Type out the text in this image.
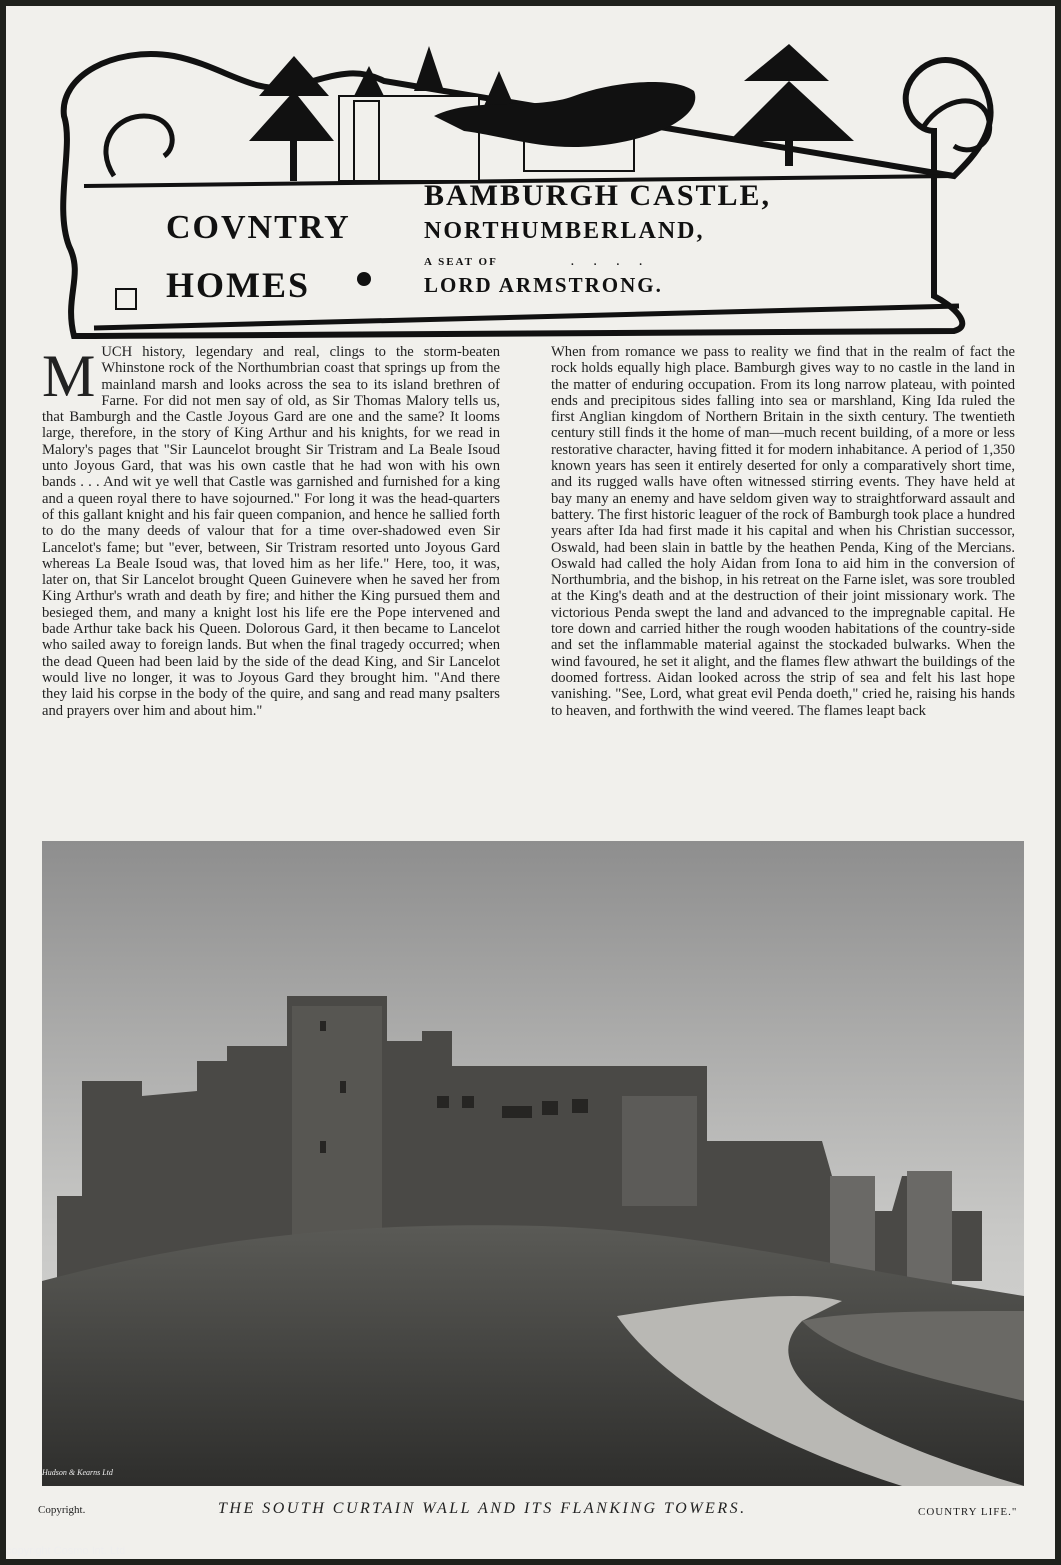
COVNTRY
HOMES
BAMBURGH CASTLE,
NORTHUMBERLAND,
A SEAT OF	....
LORD ARMSTRONG.
MUCH history, legendary and real, clings to the storm-beaten Whinstone rock of the Northumbrian coast that springs up from the mainland marsh and looks across the sea to its island brethren of Farne. For did not men say of old, as Sir Thomas Malory tells us, that Bamburgh and the Castle Joyous Gard are one and the same? It looms large, therefore, in the story of King Arthur and his knights, for we read in Malory's pages that "Sir Launcelot brought Sir Tristram and La Beale Isoud unto Joyous Gard, that was his own castle that he had won with his own bands . . . And wit ye well that Castle was garnished and furnished for a king and a queen royal there to have sojourned." For long it was the head-quarters of this gallant knight and his fair queen companion, and hence he sallied forth to do the many deeds of valour that for a time over-shadowed even Sir Lancelot's fame; but "ever, between, Sir Tristram resorted unto Joyous Gard whereas La Beale Isoud was, that loved him as her life." Here, too, it was, later on, that Sir Lancelot brought Queen Guinevere when he saved her from King Arthur's wrath and death by fire; and hither the King pursued them and besieged them, and many a knight lost his life ere the Pope intervened and bade Arthur take back his Queen. Dolorous Gard, it then became to Lancelot who sailed away to foreign lands. But when the final tragedy occurred; when the dead Queen had been laid by the side of the dead King, and Sir Lancelot would live no longer, it was to Joyous Gard they brought him. "And there they laid his corpse in the body of the quire, and sang and read many psalters and prayers over him and about him."
When from romance we pass to reality we find that in the realm of fact the rock holds equally high place. Bamburgh gives way to no castle in the land in the matter of enduring occupation. From its long narrow plateau, with pointed ends and precipitous sides falling into sea or marshland, King Ida ruled the first Anglian kingdom of Northern Britain in the sixth century. The twentieth century still finds it the home of man—much recent building, of a more or less restorative character, having fitted it for modern inhabitance. A period of 1,350 known years has seen it entirely deserted for only a comparatively short time, and its rugged walls have often witnessed stirring events. They have held at bay many an enemy and have seldom given way to straightforward assault and battery. The first historic leaguer of the rock of Bamburgh took place a hundred years after Ida had first made it his capital and when his Christian successor, Oswald, had been slain in battle by the heathen Penda, King of the Mercians. Oswald had called the holy Aidan from Iona to aid him in the conversion of Northumbria, and the bishop, in his retreat on the Farne islet, was sore troubled at the King's death and at the destruction of their joint missionary work. The victorious Penda swept the land and advanced to the impregnable capital. He tore down and carried hither the rough wooden habitations of the country-side and set the inflammable material against the stockaded bulwarks. When the wind favoured, he set it alight, and the flames flew athwart the buildings of the doomed fortress. Aidan looked across the strip of sea and felt his last hope vanishing. "See, Lord, what great evil Penda doeth," cried he, raising his hands to heaven, and forthwith the wind veered. The flames leapt back
Hudson & Kearns Ltd
Copyright.	THE SOUTH CURTAIN WALL AND ITS FLANKING TOWERS.	COUNTRY LIFE."
copyright Cosmo Int. Ltd
